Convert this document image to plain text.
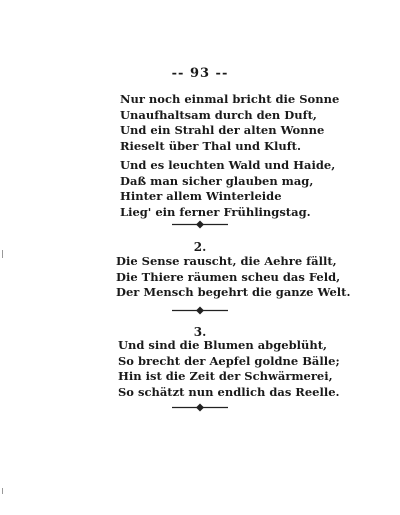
-- 93 --
Nur noch einmal bricht die Sonne
Unaufhaltsam durch den Duft,
Und ein Strahl der alten Wonne
Rieselt über Thal und Kluft.
Und es leuchten Wald und Haide,
Daß man sicher glauben mag,
Hinter allem Winterleide
Lieg' ein ferner Frühlingstag.
2.
Die Sense rauscht, die Aehre fällt,
Die Thiere räumen scheu das Feld,
Der Mensch begehrt die ganze Welt.
3.
Und sind die Blumen abgeblüht,
So brecht der Aepfel goldne Bälle;
Hin ist die Zeit der Schwärmerei,
So schätzt nun endlich das Reelle.
